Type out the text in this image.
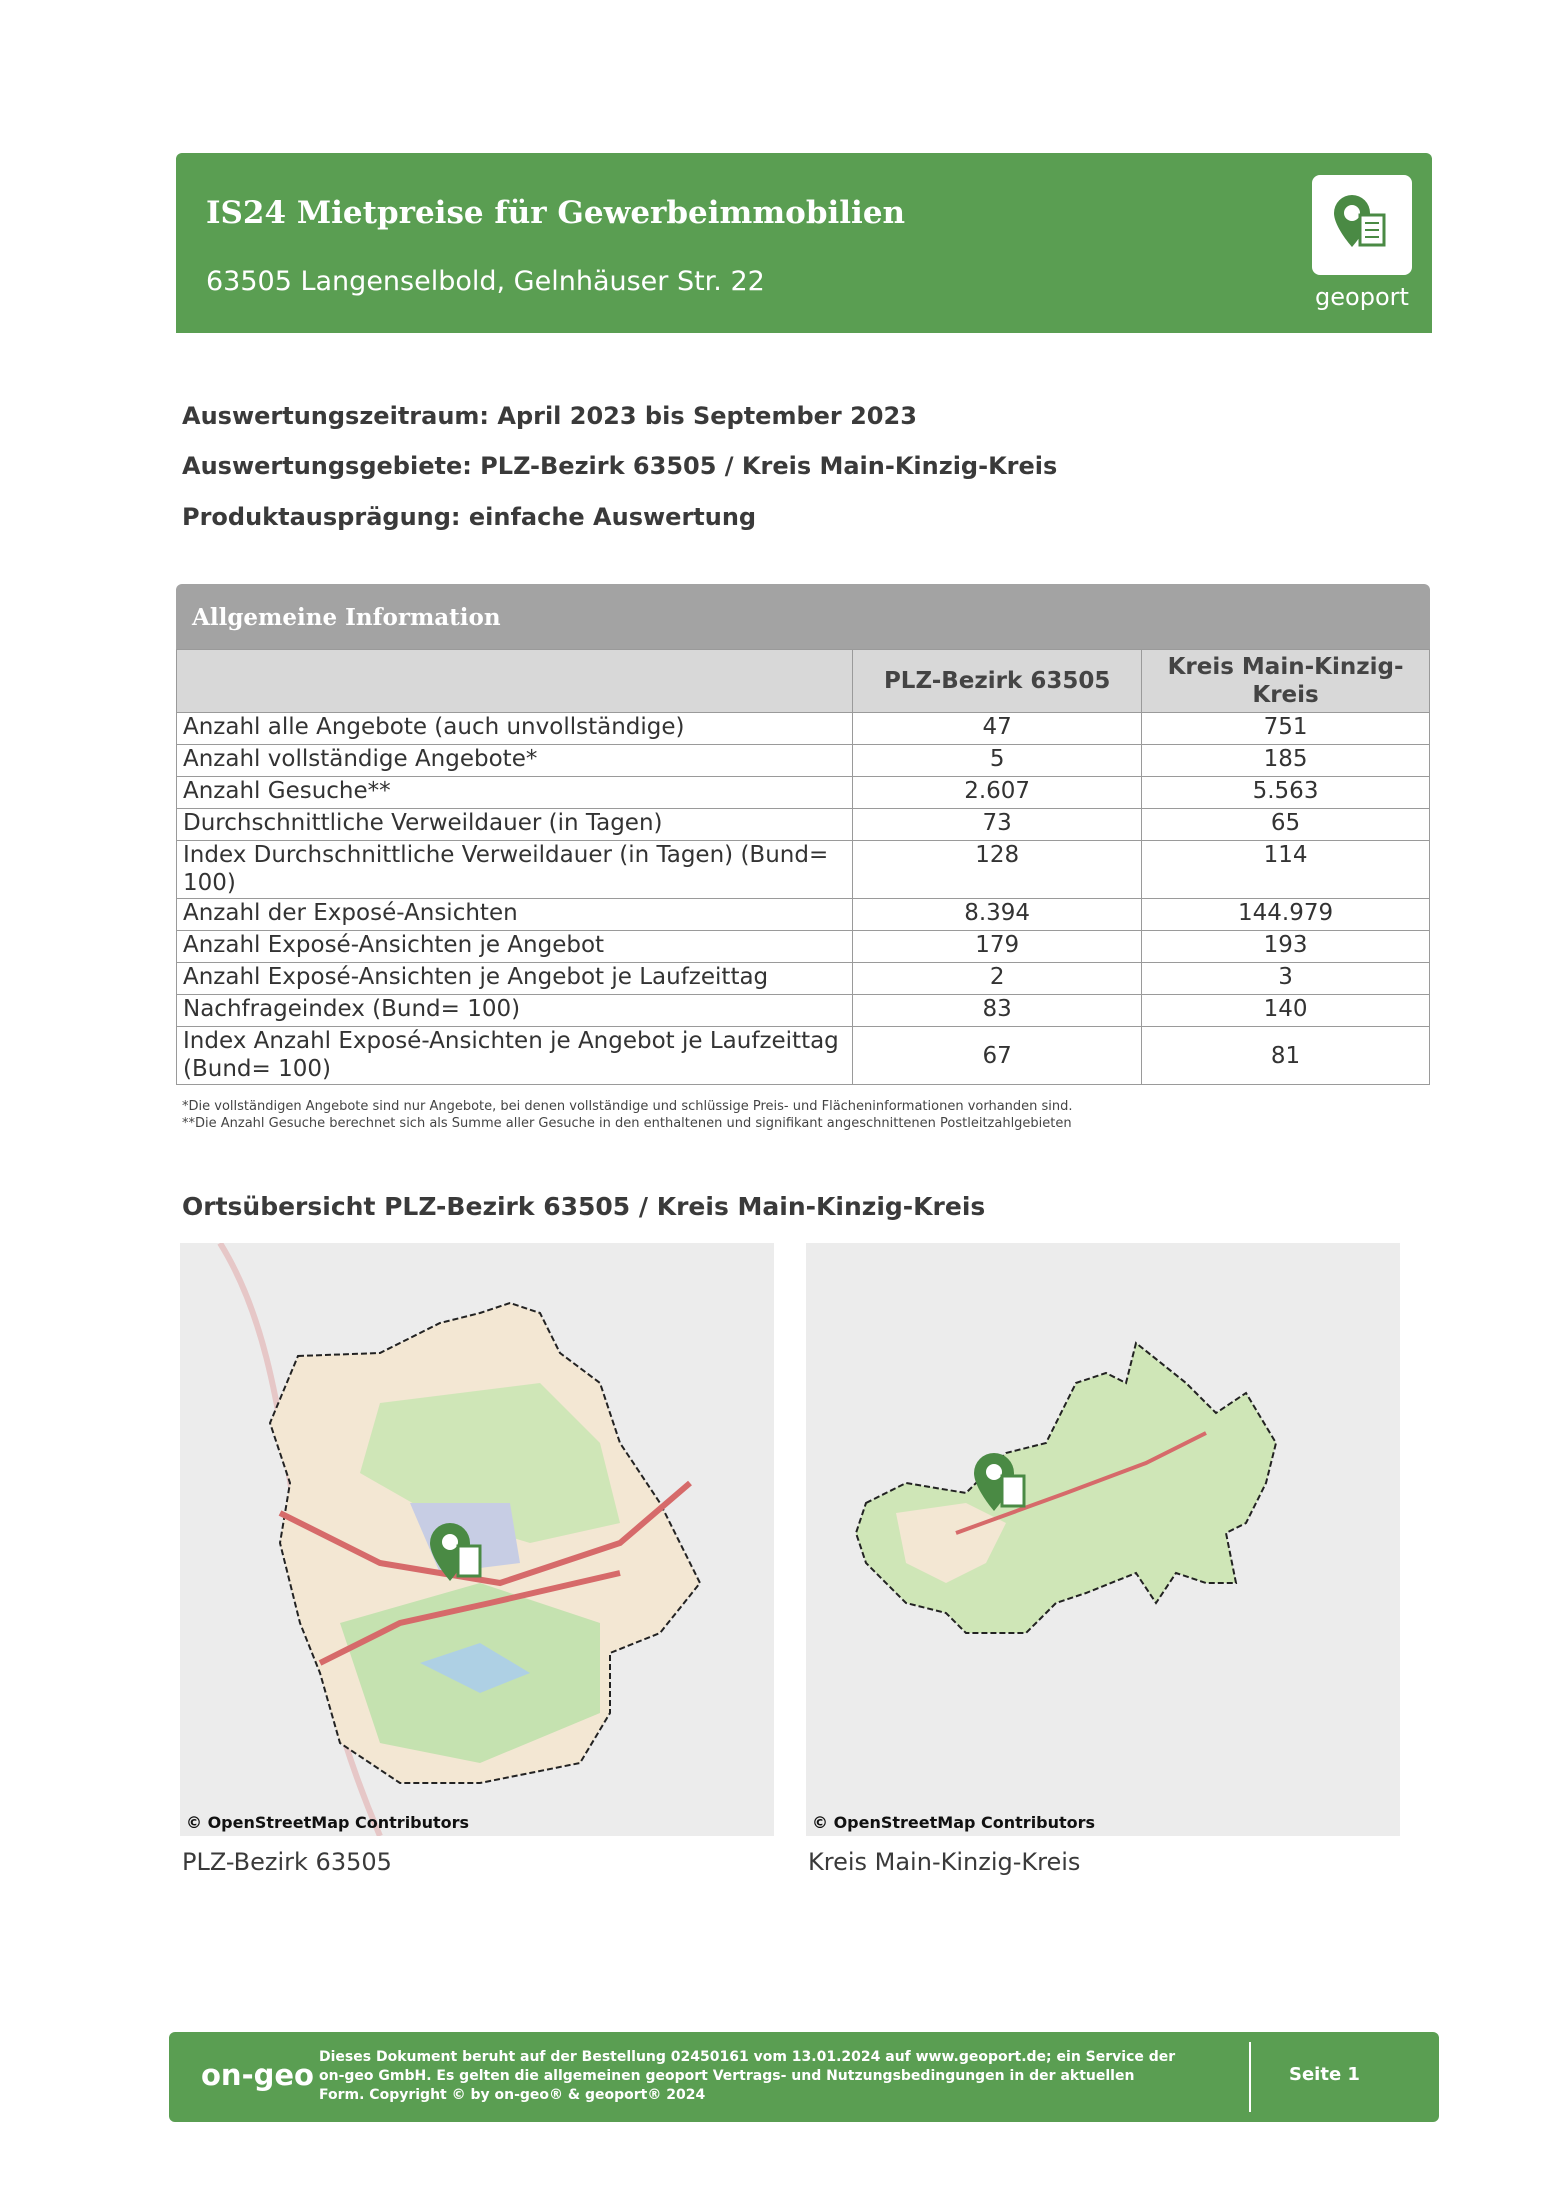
IS24 Mietpreise für Gewerbeimmobilien
63505 Langenselbold, Gelnhäuser Str. 22	geoport
Auswertungszeitraum: April 2023 bis September 2023
Auswertungsgebiete: PLZ-Bezirk 63505 / Kreis Main-Kinzig-Kreis
Produktausprägung: einfache Auswertung
Allgemeine Information
	PLZ-Bezirk 63505	Kreis Main-Kinzig-Kreis
Anzahl alle Angebote (auch unvollständige)	47	751
Anzahl vollständige Angebote*	5	185
Anzahl Gesuche**	2.607	5.563
Durchschnittliche Verweildauer (in Tagen)	73	65
Index Durchschnittliche Verweildauer (in Tagen) (Bund= 100)	128	114
Anzahl der Exposé-Ansichten	8.394	144.979
Anzahl Exposé-Ansichten je Angebot	179	193
Anzahl Exposé-Ansichten je Angebot je Laufzeittag	2	3
Nachfrageindex (Bund= 100)	83	140
Index Anzahl Exposé-Ansichten je Angebot je Laufzeittag (Bund= 100)	67	81
*Die vollständigen Angebote sind nur Angebote, bei denen vollständige und schlüssige Preis- und Flächeninformationen vorhanden sind.
**Die Anzahl Gesuche berechnet sich als Summe aller Gesuche in den enthaltenen und signifikant angeschnittenen Postleitzahlgebieten
Ortsübersicht PLZ-Bezirk 63505 / Kreis Main-Kinzig-Kreis
© OpenStreetMap Contributors
PLZ-Bezirk 63505
© OpenStreetMap Contributors
Kreis Main-Kinzig-Kreis
on-geo
Dieses Dokument beruht auf der Bestellung 02450161 vom 13.01.2024 auf www.geoport.de; ein Service der on-geo GmbH. Es gelten die allgemeinen geoport Vertrags- und Nutzungsbedingungen in der aktuellen Form. Copyright © by on-geo® & geoport® 2024
Seite 1
